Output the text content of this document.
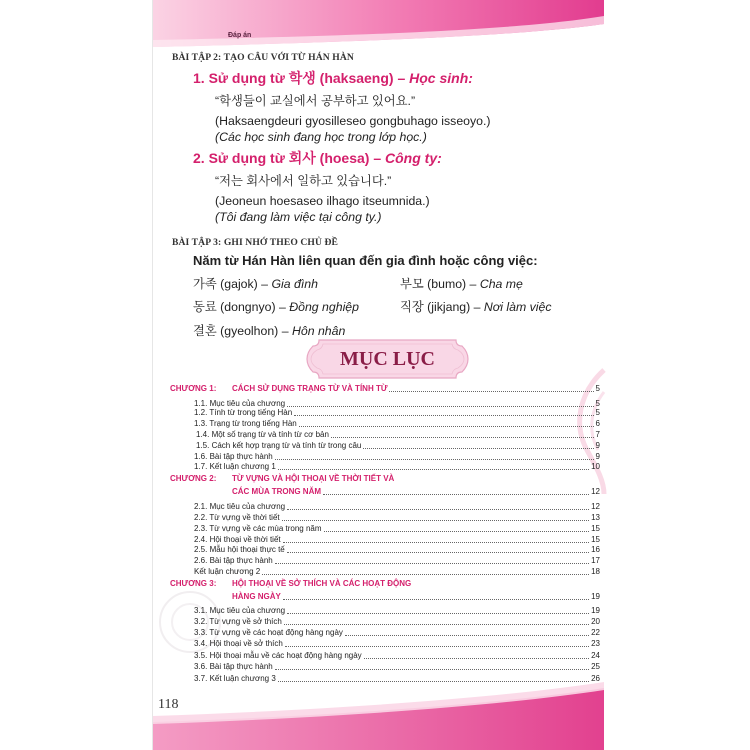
Đáp án
BÀI TẬP 2: TẠO CÂU VỚI TỪ HÁN HÀN
1. Sử dụng từ 학생 (haksaeng) – Học sinh:
“학생들이 교실에서 공부하고 있어요.”
(Haksaengdeuri gyosilleseo gongbuhago isseoyo.)
(Các học sinh đang học trong lớp học.)
2. Sử dụng từ 회사 (hoesa) – Công ty:
“저는 회사에서 일하고 있습니다.”
(Jeoneun hoesaseo ilhago itseumnida.)
(Tôi đang làm việc tại công ty.)
BÀI TẬP 3: GHI NHỚ THEO CHỦ ĐỀ
Năm từ Hán Hàn liên quan đến gia đình hoặc công việc:
가족 (gajok) – Gia đình	부모 (bumo) – Cha mẹ
동료 (dongnyo) – Đồng nghiệp	직장 (jikjang) – Nơi làm việc
결혼 (gyeolhon) – Hôn nhân
MỤC LỤC
CHƯƠNG 1:	CÁCH SỬ DỤNG TRẠNG TỪ VÀ TÍNH TỪ	5
1.1. Mục tiêu của chương	5
1.2. Tính từ trong tiếng Hàn	5
1.3. Trạng từ trong tiếng Hàn	6
1.4. Một số trạng từ và tính từ cơ bản	7
1.5. Cách kết hợp trạng từ và tính từ trong câu	9
1.6. Bài tập thực hành	9
1.7. Kết luận chương 1	10
CHƯƠNG 2:	TỪ VỰNG VÀ HỘI THOẠI VỀ THỜI TIẾT VÀ
CÁC MÙA TRONG NĂM	12
2.1. Mục tiêu của chương	12
2.2. Từ vựng về thời tiết	13
2.3. Từ vựng về các mùa trong năm	15
2.4. Hội thoại về thời tiết	15
2.5. Mẫu hội thoại thực tế	16
2.6. Bài tập thực hành	17
Kết luận chương 2	18
CHƯƠNG 3:	HỘI THOẠI VỀ SỞ THÍCH VÀ CÁC HOẠT ĐỘNG
HÀNG NGÀY	19
3.1. Mục tiêu của chương	19
3.2. Từ vựng về sở thích	20
3.3. Từ vựng về các hoạt động hàng ngày	22
3.4. Hội thoại về sở thích	23
3.5. Hội thoại mẫu về các hoạt động hàng ngày	24
3.6. Bài tập thực hành	25
3.7. Kết luận chương 3	26
118
